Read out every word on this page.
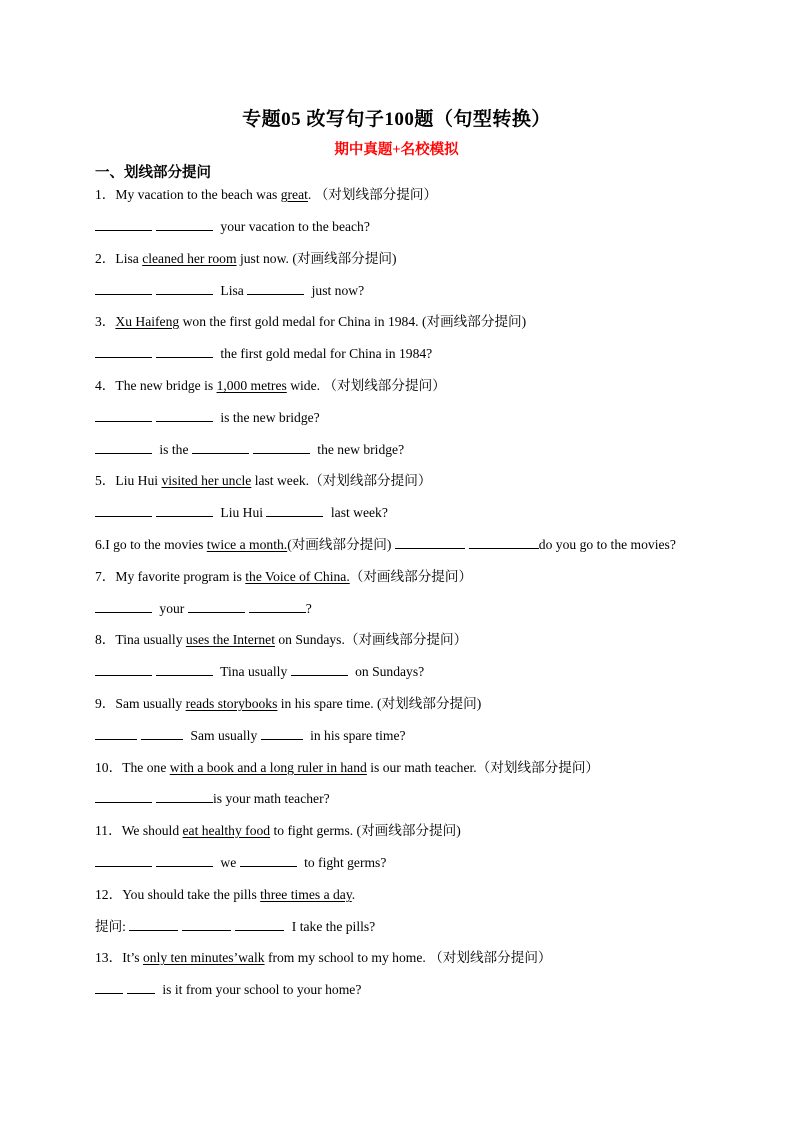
专题05 改写句子100题（句型转换）
期中真题+名校模拟
一、划线部分提问
1．My vacation to the beach was great. （对划线部分提问）
your vacation to the beach?
2．Lisa cleaned her room just now. (对画线部分提问)
Lisa	just now?
3．Xu Haifeng won the first gold medal for China in 1984. (对画线部分提问)
the first gold medal for China in 1984?
4．The new bridge is 1,000 metres wide. （对划线部分提问）
is the new bridge?
is the	the new bridge?
5．Liu Hui visited her uncle last week.（对划线部分提问）
Liu Hui	last week?
6.I go to the movies twice a month.(对画线部分提问)	do you go to the movies?
7．My favorite program is the Voice of China.（对画线部分提问）
your	?
8．Tina usually uses the Internet on Sundays.（对画线部分提问）
Tina usually	on Sundays?
9．Sam usually reads storybooks in his spare time. (对划线部分提问)
Sam usually	in his spare time?
10．The one with a book and a long ruler in hand is our math teacher.（对划线部分提问）
is your math teacher?
11．We should eat healthy food to fight germs. (对画线部分提问)
we	to fight germs?
12．You should take the pills three times a day.
提问:	I take the pills?
13．It’s only ten minutes’walk from my school to my home. （对划线部分提问）
is it from your school to your home?
